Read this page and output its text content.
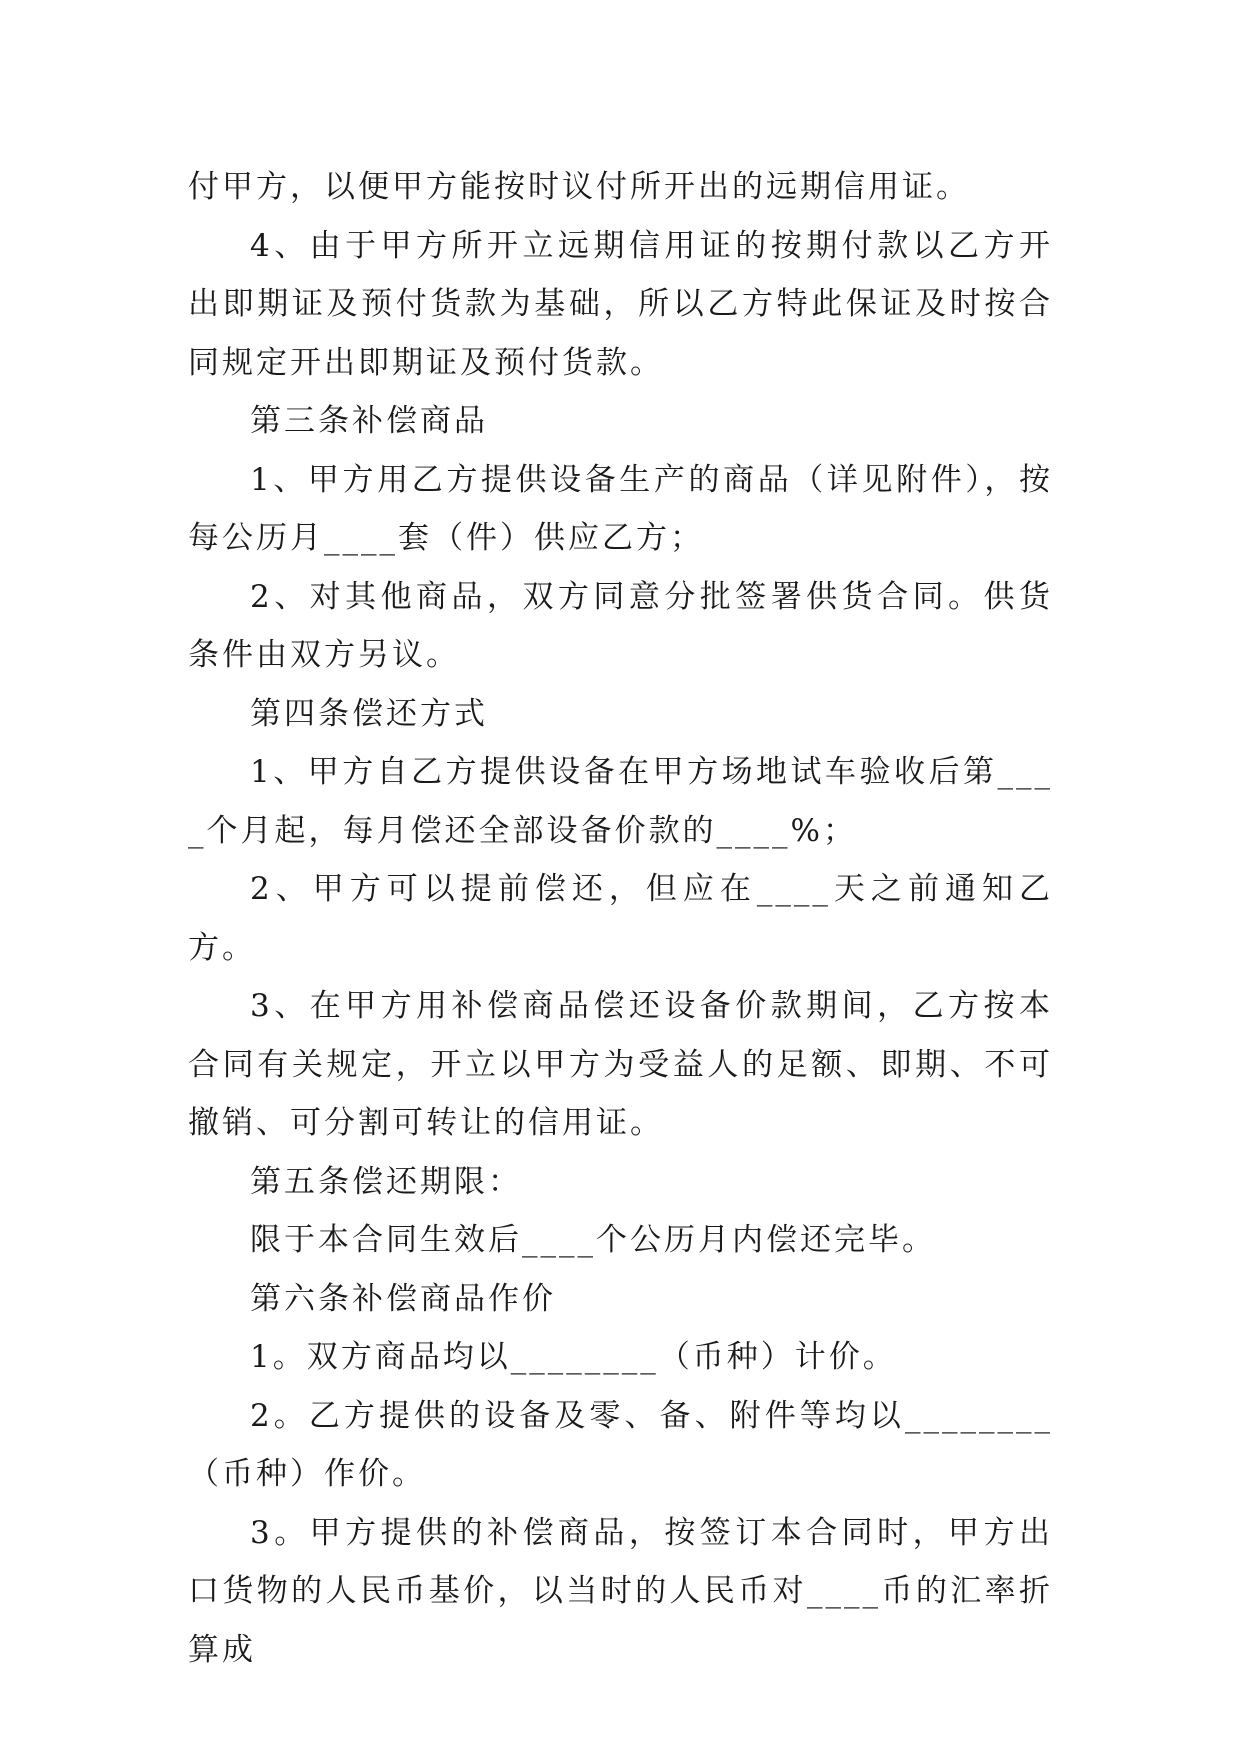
付甲方，以便甲方能按时议付所开出的远期信用证。

4、由于甲方所开立远期信用证的按期付款以乙方开出即期证及预付货款为基础，所以乙方特此保证及时按合同规定开出即期证及预付货款。

第三条补偿商品

1、甲方用乙方提供设备生产的商品（详见附件），按每公历月____套（件）供应乙方；

2、对其他商品，双方同意分批签署供货合同。供货条件由双方另议。

第四条偿还方式

1、甲方自乙方提供设备在甲方场地试车验收后第____个月起，每月偿还全部设备价款的____%；

2、甲方可以提前偿还，但应在____天之前通知乙方。

3、在甲方用补偿商品偿还设备价款期间，乙方按本合同有关规定，开立以甲方为受益人的足额、即期、不可撤销、可分割可转让的信用证。

第五条偿还期限：

限于本合同生效后____个公历月内偿还完毕。

第六条补偿商品作价

1。双方商品均以________（币种）计价。

2。乙方提供的设备及零、备、附件等均以________（币种）作价。

3。甲方提供的补偿商品，按签订本合同时，甲方出口货物的人民币基价，以当时的人民币对____币的汇率折算成
